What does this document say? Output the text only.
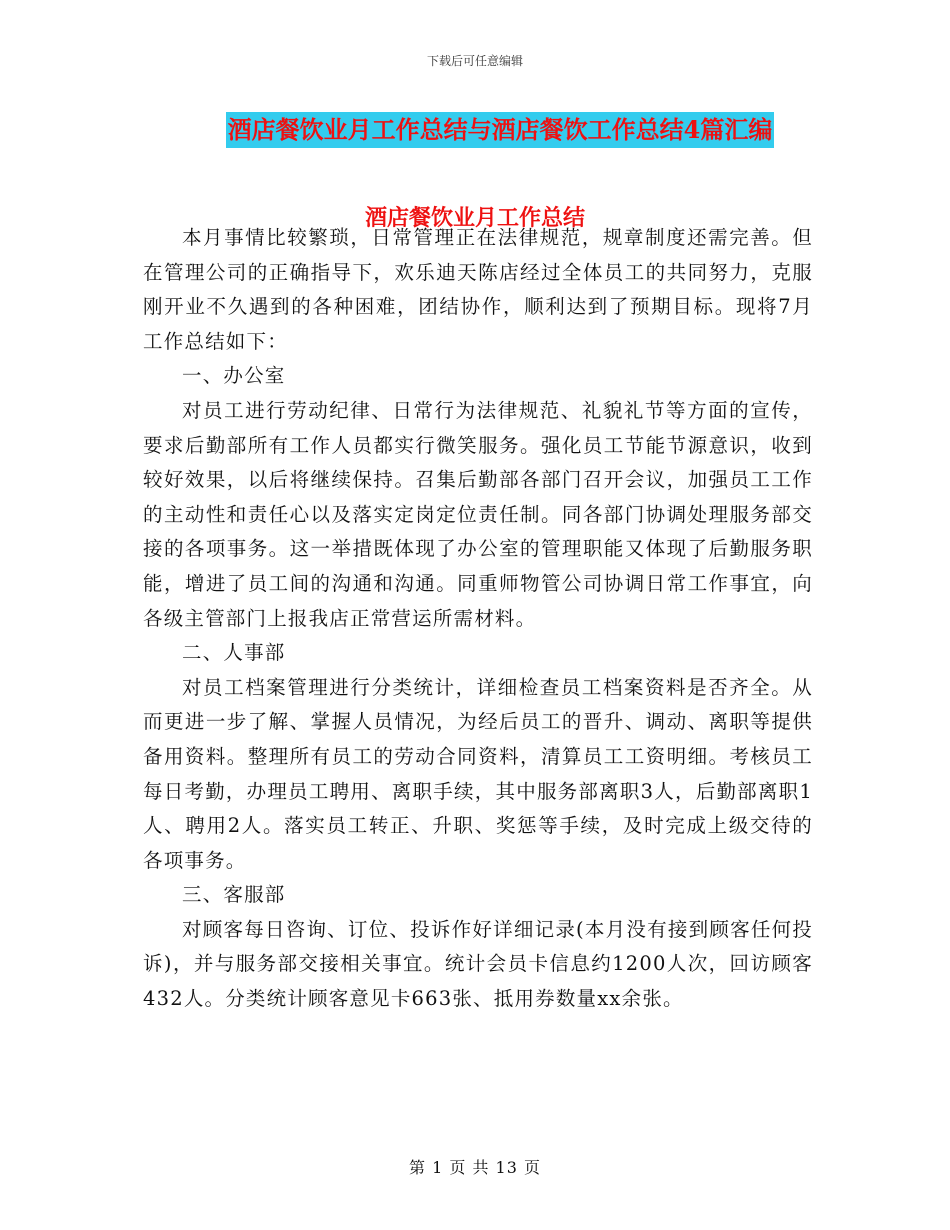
下载后可任意编辑
酒店餐饮业月工作总结与酒店餐饮工作总结4篇汇编
酒店餐饮业月工作总结

本月事情比较繁琐，日常管理正在法律规范，规章制度还需完善。但在管理公司的正确指导下，欢乐迪天陈店经过全体员工的共同努力，克服刚开业不久遇到的各种困难，团结协作，顺利达到了预期目标。现将7月工作总结如下：

一、办公室

对员工进行劳动纪律、日常行为法律规范、礼貌礼节等方面的宣传，要求后勤部所有工作人员都实行微笑服务。强化员工节能节源意识，收到较好效果，以后将继续保持。召集后勤部各部门召开会议，加强员工工作的主动性和责任心以及落实定岗定位责任制。同各部门协调处理服务部交接的各项事务。这一举措既体现了办公室的管理职能又体现了后勤服务职能，增进了员工间的沟通和沟通。同重师物管公司协调日常工作事宜，向各级主管部门上报我店正常营运所需材料。

二、人事部

对员工档案管理进行分类统计，详细检查员工档案资料是否齐全。从而更进一步了解、掌握人员情况，为经后员工的晋升、调动、离职等提供备用资料。整理所有员工的劳动合同资料，清算员工工资明细。考核员工每日考勤，办理员工聘用、离职手续，其中服务部离职3人，后勤部离职1人、聘用2人。落实员工转正、升职、奖惩等手续，及时完成上级交待的各项事务。

三、客服部

对顾客每日咨询、订位、投诉作好详细记录(本月没有接到顾客任何投诉)，并与服务部交接相关事宜。统计会员卡信息约1200人次，回访顾客432人。分类统计顾客意见卡663张、抵用券数量xx余张。

第 1 页 共 13 页
